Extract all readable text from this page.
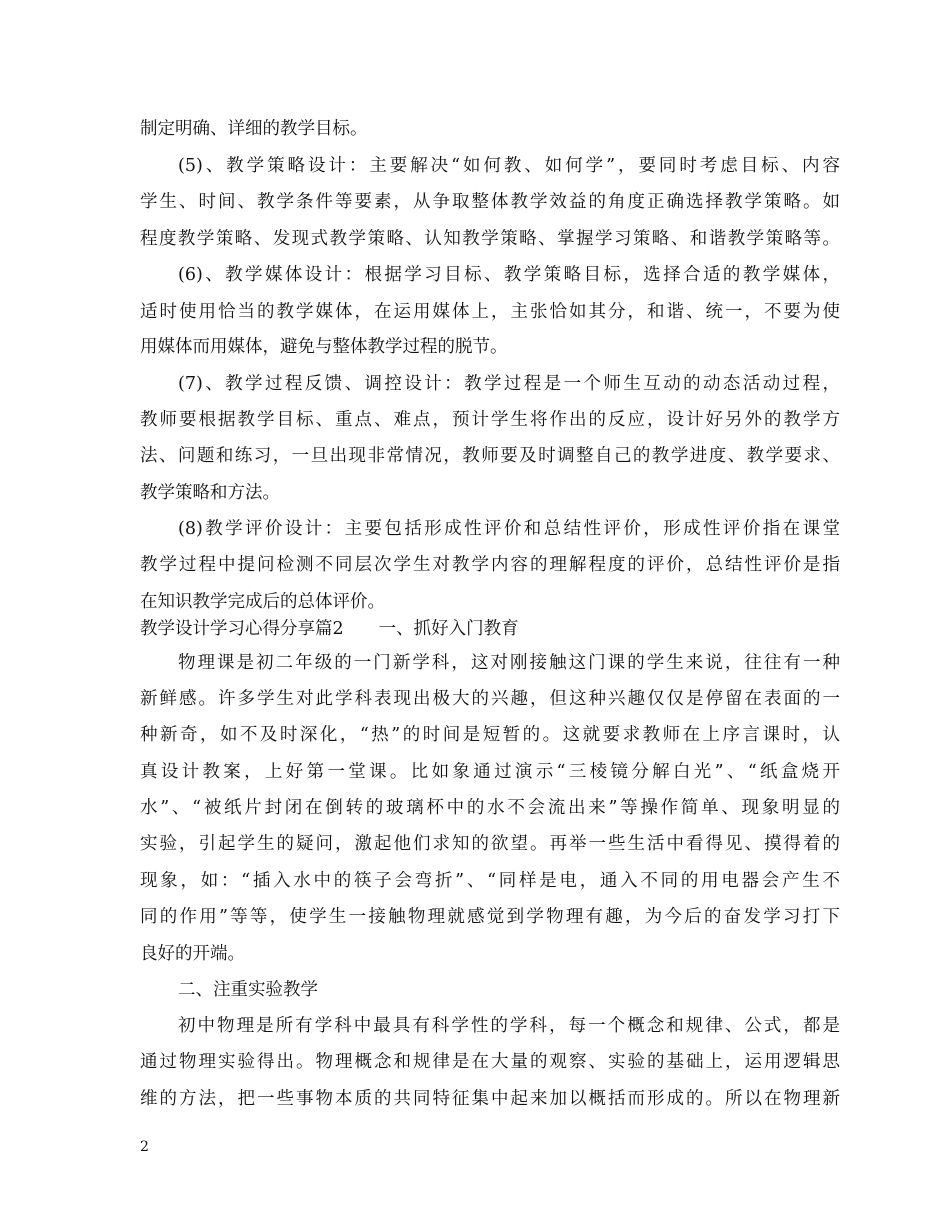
制定明确、详细的教学目标。
(5)、教学策略设计：主要解决“如何教、如何学”，要同时考虑目标、内容
学生、时间、教学条件等要素，从争取整体教学效益的角度正确选择教学策略。如
程度教学策略、发现式教学策略、认知教学策略、掌握学习策略、和谐教学策略等。
(6)、教学媒体设计：根据学习目标、教学策略目标，选择合适的教学媒体，
适时使用恰当的教学媒体，在运用媒体上，主张恰如其分，和谐、统一，不要为使
用媒体而用媒体，避免与整体教学过程的脱节。
(7)、教学过程反馈、调控设计：教学过程是一个师生互动的动态活动过程，
教师要根据教学目标、重点、难点，预计学生将作出的反应，设计好另外的教学方
法、问题和练习，一旦出现非常情况，教师要及时调整自己的教学进度、教学要求、
教学策略和方法。
(8)教学评价设计：主要包括形成性评价和总结性评价，形成性评价指在课堂
教学过程中提问检测不同层次学生对教学内容的理解程度的评价，总结性评价是指
在知识教学完成后的总体评价。
教学设计学习心得分享篇2　　一、抓好入门教育
物理课是初二年级的一门新学科，这对刚接触这门课的学生来说，往往有一种
新鲜感。许多学生对此学科表现出极大的兴趣，但这种兴趣仅仅是停留在表面的一
种新奇，如不及时深化，“热”的时间是短暂的。这就要求教师在上序言课时，认
真设计教案，上好第一堂课。比如象通过演示“三棱镜分解白光”、“纸盒烧开
水”、“被纸片封闭在倒转的玻璃杯中的水不会流出来”等操作简单、现象明显的
实验，引起学生的疑问，激起他们求知的欲望。再举一些生活中看得见、摸得着的
现象，如：“插入水中的筷子会弯折”、“同样是电，通入不同的用电器会产生不
同的作用”等等，使学生一接触物理就感觉到学物理有趣，为今后的奋发学习打下
良好的开端。
二、注重实验教学
初中物理是所有学科中最具有科学性的学科，每一个概念和规律、公式，都是
通过物理实验得出。物理概念和规律是在大量的观察、实验的基础上，运用逻辑思
维的方法，把一些事物本质的共同特征集中起来加以概括而形成的。所以在物理新
2
